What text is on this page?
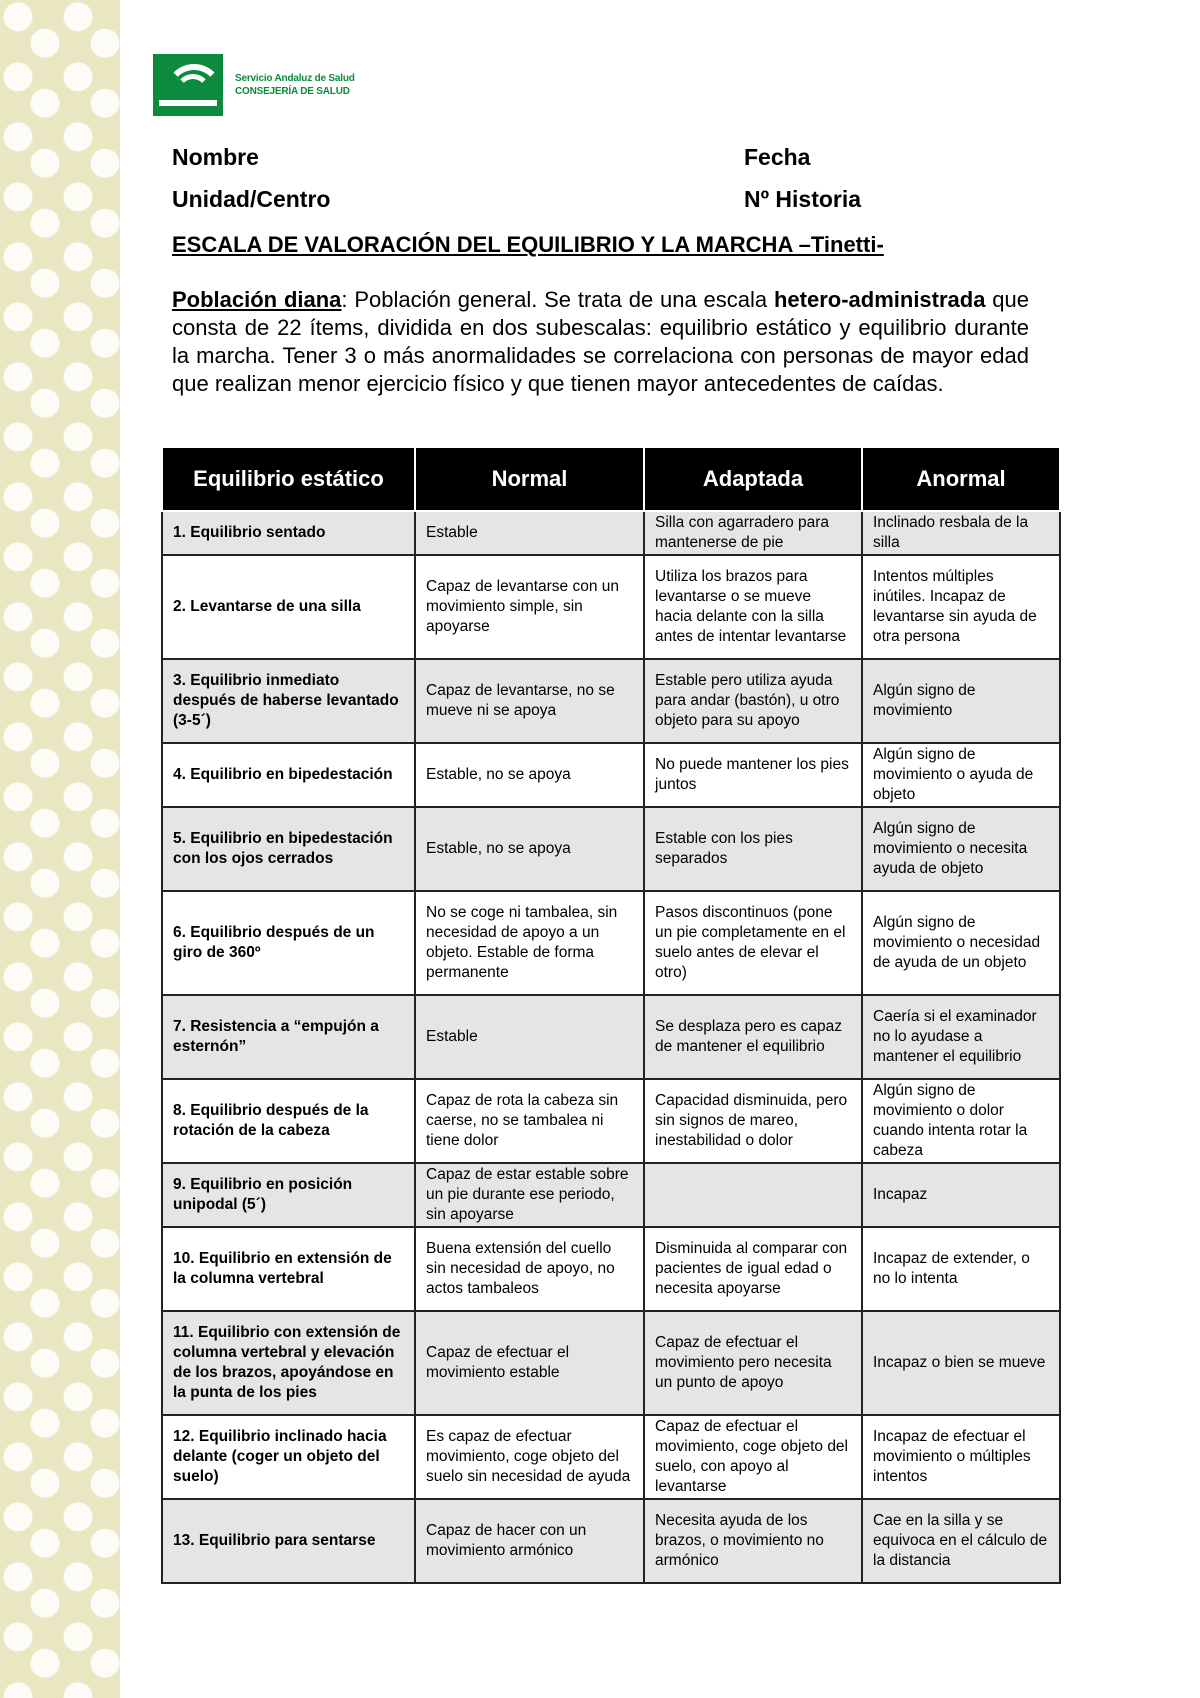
Servicio Andaluz de Salud
CONSEJERÍA DE SALUD
Nombre	Fecha
Unidad/Centro	Nº Historia
ESCALA DE VALORACIÓN DEL EQUILIBRIO Y LA MARCHA –Tinetti-
Población diana: Población general. Se trata de una escala hetero-administrada que consta de 22 ítems, dividida en dos subescalas: equilibrio estático y equilibrio durante la marcha. Tener 3 o más anormalidades se correlaciona con personas de mayor edad que realizan menor ejercicio físico y que tienen mayor antecedentes de caídas.
Equilibrio estático	Normal	Adaptada	Anormal
1. Equilibrio sentado	Estable	Silla con agarradero para mantenerse de pie	Inclinado resbala de la silla
2. Levantarse de una silla	Capaz de levantarse con un movimiento simple, sin apoyarse	Utiliza los brazos para levantarse o se mueve hacia delante con la silla antes de intentar levantarse	Intentos múltiples inútiles. Incapaz de levantarse sin ayuda de otra persona
3. Equilibrio inmediato después de haberse levantado (3-5´)	Capaz de levantarse, no se mueve ni se apoya	Estable pero utiliza ayuda para andar (bastón), u otro objeto para su apoyo	Algún signo de movimiento
4. Equilibrio en bipedestación	Estable, no se apoya	No puede mantener los pies juntos	Algún signo de movimiento o ayuda de objeto
5. Equilibrio en bipedestación con los ojos cerrados	Estable, no se apoya	Estable con los pies separados	Algún signo de movimiento o necesita ayuda de objeto
6. Equilibrio después de un giro de 360º	No se coge ni tambalea, sin necesidad de apoyo a un objeto. Estable de forma permanente	Pasos discontinuos (pone un pie completamente en el suelo antes de elevar el otro)	Algún signo de movimiento o necesidad de ayuda de un objeto
7. Resistencia a “empujón a esternón”	Estable	Se desplaza pero es capaz de mantener el equilibrio	Caería si el examinador no lo ayudase a mantener el equilibrio
8. Equilibrio después de la rotación de la cabeza	Capaz de rota la cabeza sin caerse, no se tambalea ni tiene dolor	Capacidad disminuida, pero sin signos de mareo, inestabilidad o dolor	Algún signo de movimiento o dolor cuando intenta rotar la cabeza
9. Equilibrio en posición unipodal (5´)	Capaz de estar estable sobre un pie durante ese periodo, sin apoyarse		Incapaz
10. Equilibrio en extensión de la columna vertebral	Buena extensión del cuello sin necesidad de apoyo, no actos tambaleos	Disminuida al comparar con pacientes de igual edad o necesita apoyarse	Incapaz de extender, o no lo intenta
11. Equilibrio con extensión de columna vertebral y elevación de los brazos, apoyándose en la punta de los pies	Capaz de efectuar el movimiento estable	Capaz de efectuar el movimiento pero necesita un punto de apoyo	Incapaz o bien se mueve
12. Equilibrio inclinado hacia delante (coger un objeto del suelo)	Es capaz de efectuar movimiento, coge objeto del suelo sin necesidad de ayuda	Capaz de efectuar el movimiento, coge objeto del suelo, con apoyo al levantarse	Incapaz de efectuar el movimiento o múltiples intentos
13. Equilibrio para sentarse	Capaz de hacer con un movimiento armónico	Necesita ayuda de los brazos, o movimiento no armónico	Cae en la silla y se equivoca en el cálculo de la distancia
